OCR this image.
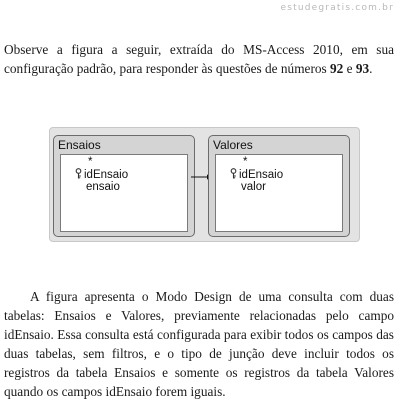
estudegratis.com.br

Observe a figura a seguir, extraída do MS-Access 2010, em sua configuração padrão, para responder às questões de números 92 e 93.

Ensaios
*
idEnsaio
ensaio
Valores
*
idEnsaio
valor

A figura apresenta o Modo Design de uma consulta com duas tabelas: Ensaios e Valores, previamente relacionadas pelo campo idEnsaio. Essa consulta está configurada para exibir todos os campos das duas tabelas, sem filtros, e o tipo de junção deve incluir todos os registros da tabela Ensaios e somente os registros da tabela Valores quando os campos idEnsaio forem iguais.
